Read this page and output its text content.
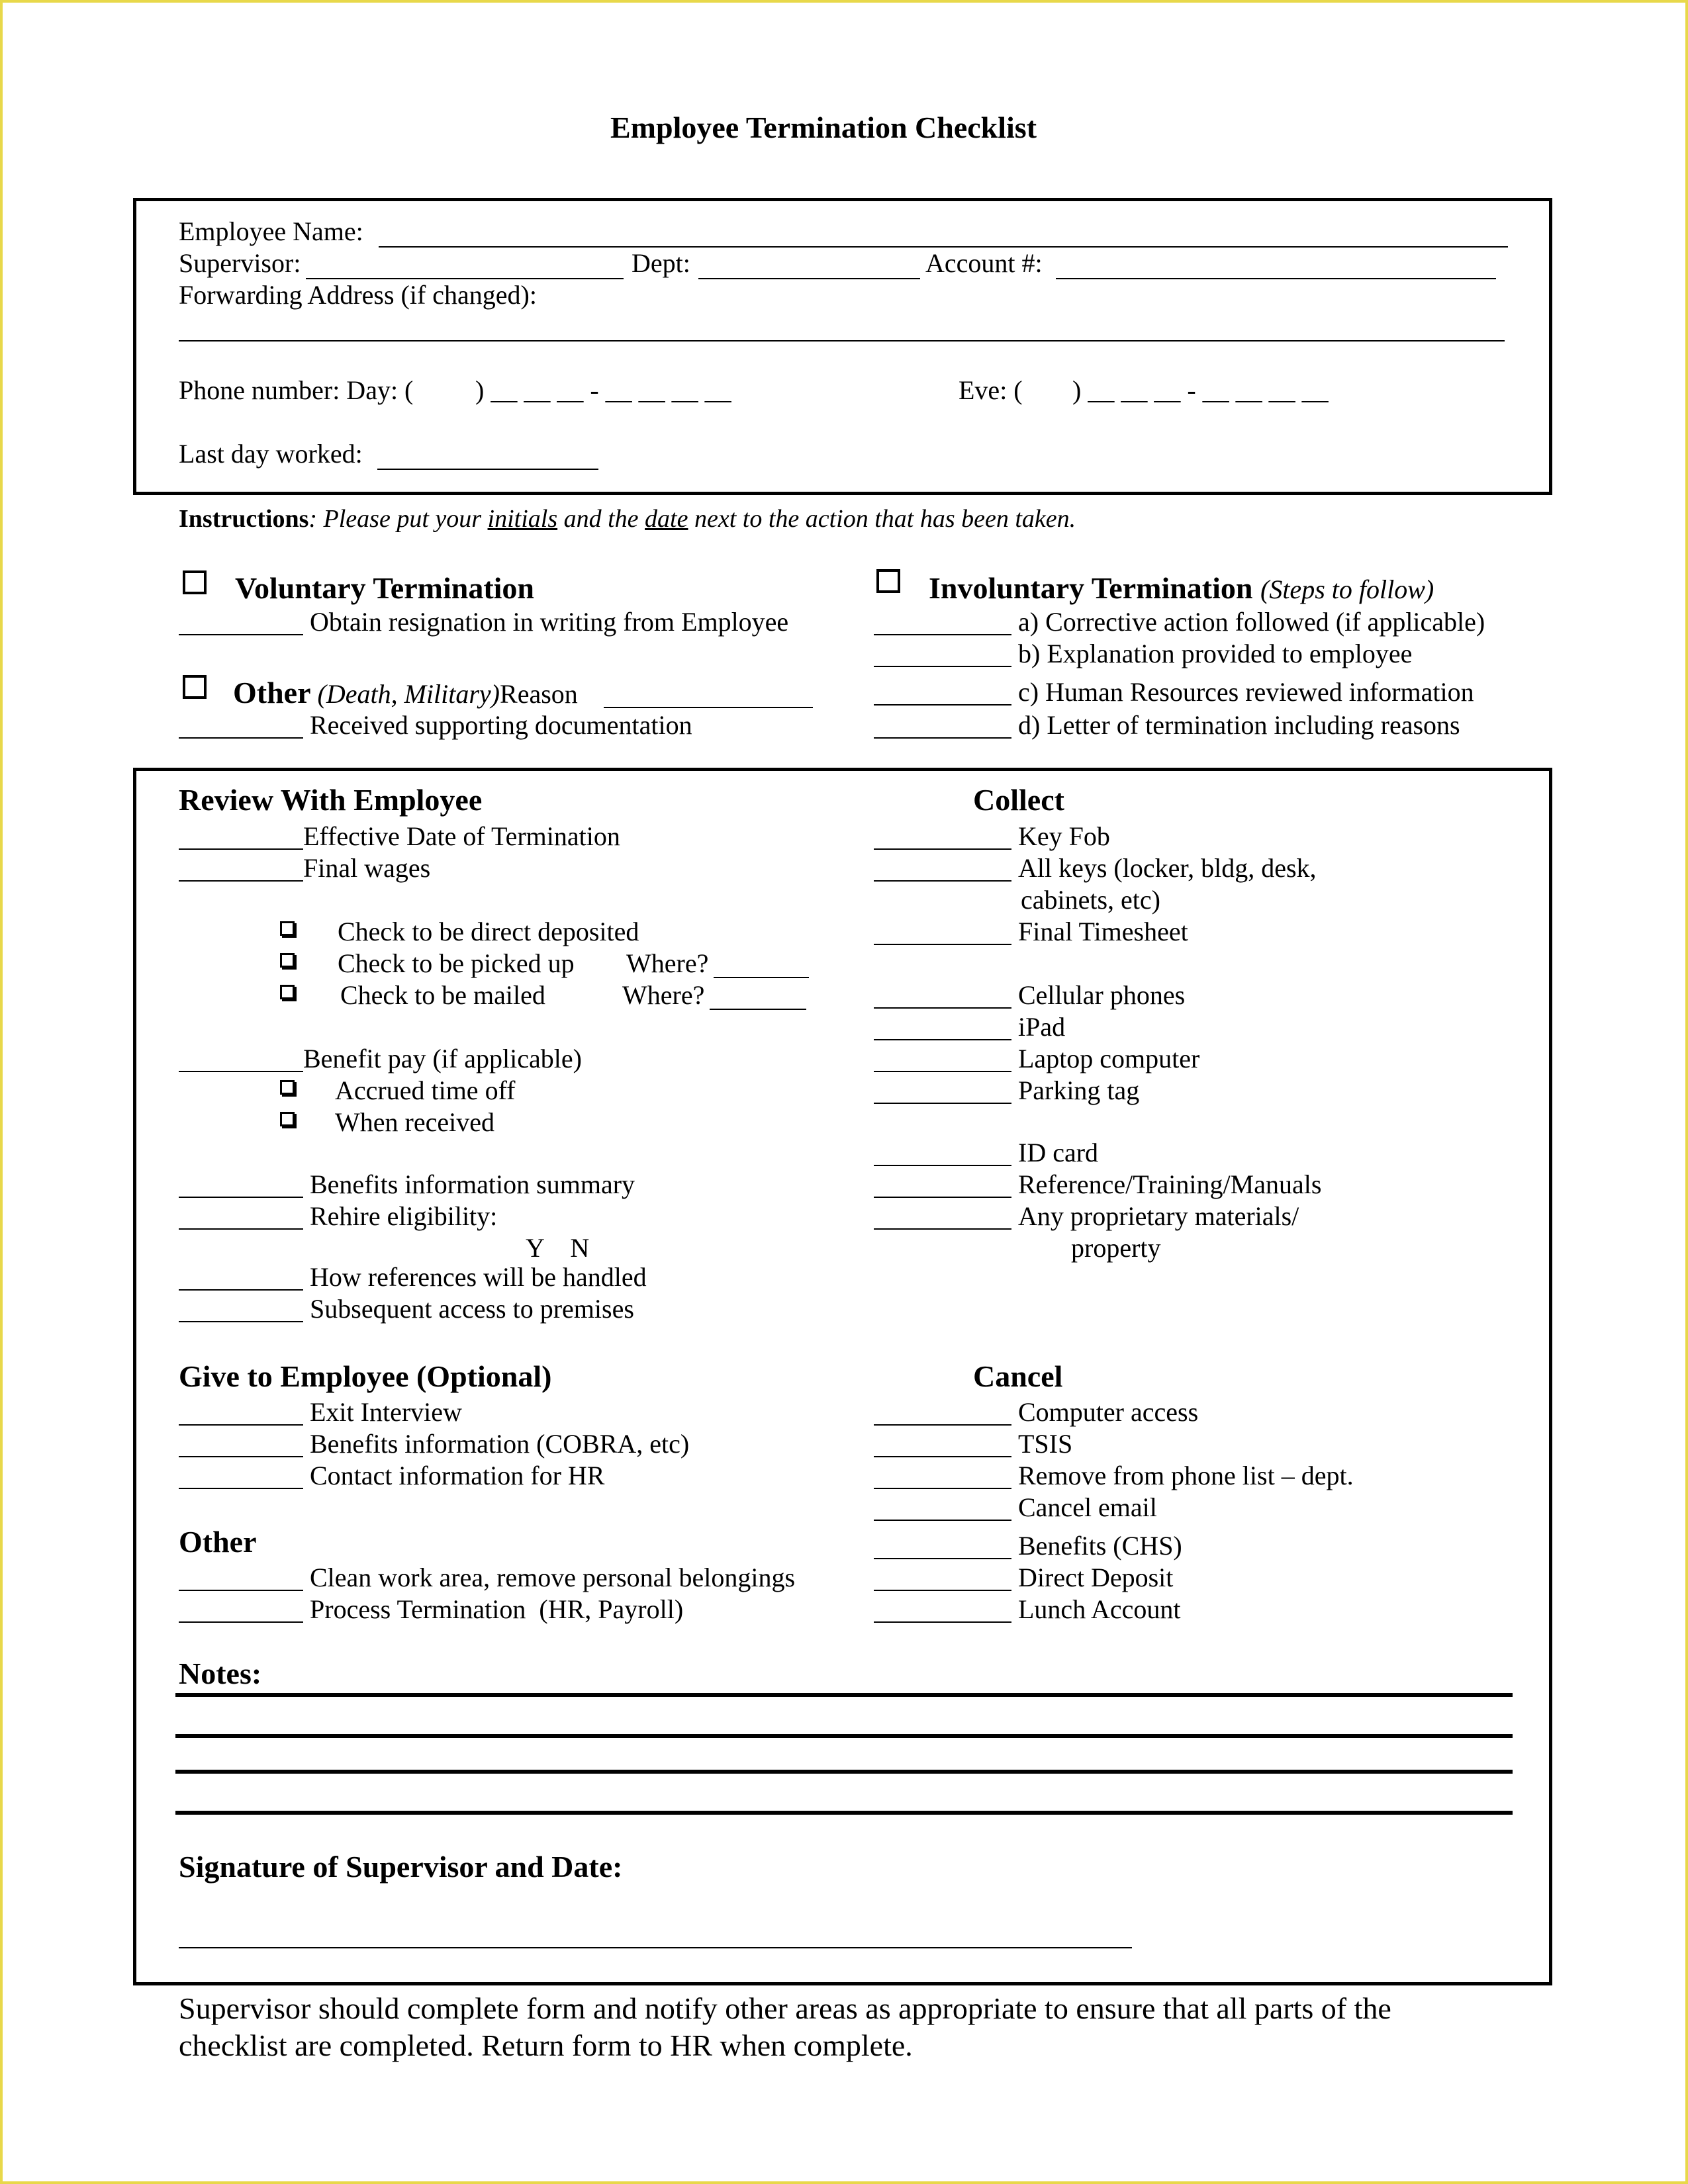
Employee Termination Checklist
Employee Name:
Supervisor:	Dept:	Account #:
Forwarding Address (if changed):
Phone number: Day: ( ) __ __ __ - __ __ __ __	Eve: ( ) __ __ __ - __ __ __ __
Last day worked:
Instructions: Please put your initials and the date next to the action that has been taken.
Voluntary Termination
Obtain resignation in writing from Employee
Other (Death, Military)Reason
Received supporting documentation
Involuntary Termination (Steps to follow)
a) Corrective action followed (if applicable)
b) Explanation provided to employee
c) Human Resources reviewed information
d) Letter of termination including reasons
Review With Employee
Effective Date of Termination
Final wages
Check to be direct deposited
Check to be picked up Where?
Check to be mailed	Where?
Benefit pay (if applicable)
Accrued time off
When received
Benefits information summary
Rehire eligibility:
Y    N
How references will be handled
Subsequent access to premises
Collect
Key Fob
All keys (locker, bldg, desk,
cabinets, etc)
Final Timesheet
Cellular phones
iPad
Laptop computer
Parking tag
ID card
Reference/Training/Manuals
Any proprietary materials/
property
Give to Employee (Optional)
Exit Interview
Benefits information (COBRA, etc)
Contact information for HR
Other
Clean work area, remove personal belongings
Process Termination  (HR, Payroll)
Cancel
Computer access
TSIS
Remove from phone list – dept.
Cancel email
Benefits (CHS)
Direct Deposit
Lunch Account
Notes:
Signature of Supervisor and Date:
Supervisor should complete form and notify other areas as appropriate to ensure that all parts of the
checklist are completed. Return form to HR when complete.
